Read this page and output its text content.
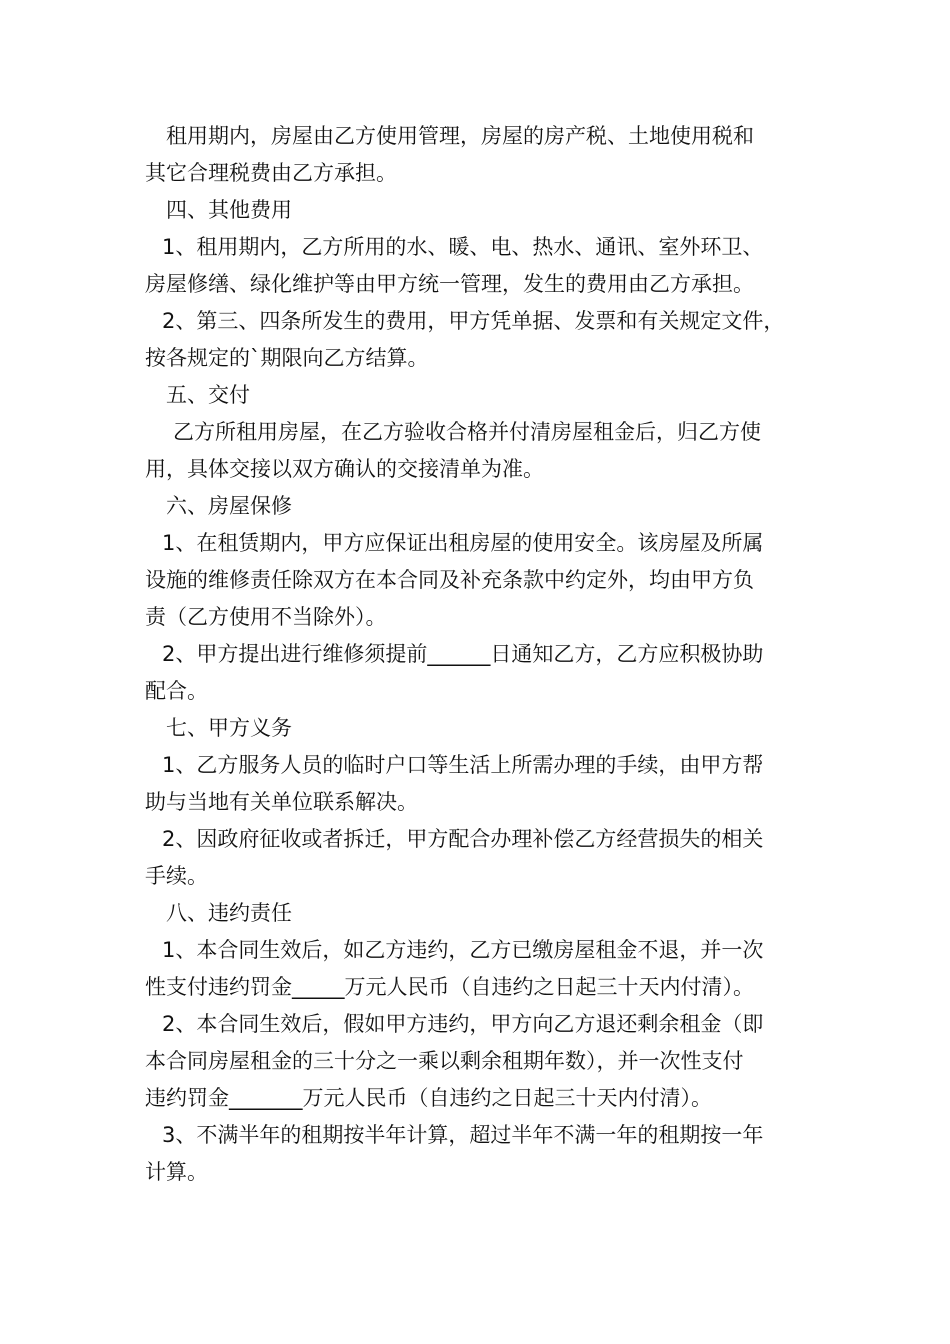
租用期内，房屋由乙方使用管理，房屋的房产税、土地使用税和
其它合理税费由乙方承担。
四、其他费用
1、租用期内，乙方所用的水、暖、电、热水、通讯、室外环卫、
房屋修缮、绿化维护等由甲方统一管理，发生的费用由乙方承担。
2、第三、四条所发生的费用，甲方凭单据、发票和有关规定文件，
按各规定的`期限向乙方结算。
五、交付
乙方所租用房屋，在乙方验收合格并付清房屋租金后，归乙方使
用，具体交接以双方确认的交接清单为准。
六、房屋保修
1、在租赁期内，甲方应保证出租房屋的使用安全。该房屋及所属
设施的维修责任除双方在本合同及补充条款中约定外，均由甲方负
责（乙方使用不当除外）。
2、甲方提出进行维修须提前______日通知乙方，乙方应积极协助
配合。
七、甲方义务
1、乙方服务人员的临时户口等生活上所需办理的手续，由甲方帮
助与当地有关单位联系解决。
2、因政府征收或者拆迁，甲方配合办理补偿乙方经营损失的相关
手续。
八、违约责任
1、本合同生效后，如乙方违约，乙方已缴房屋租金不退，并一次
性支付违约罚金_____万元人民币（自违约之日起三十天内付清）。
2、本合同生效后，假如甲方违约，甲方向乙方退还剩余租金（即
本合同房屋租金的三十分之一乘以剩余租期年数），并一次性支付
违约罚金_______万元人民币（自违约之日起三十天内付清）。
3、不满半年的租期按半年计算，超过半年不满一年的租期按一年
计算。
